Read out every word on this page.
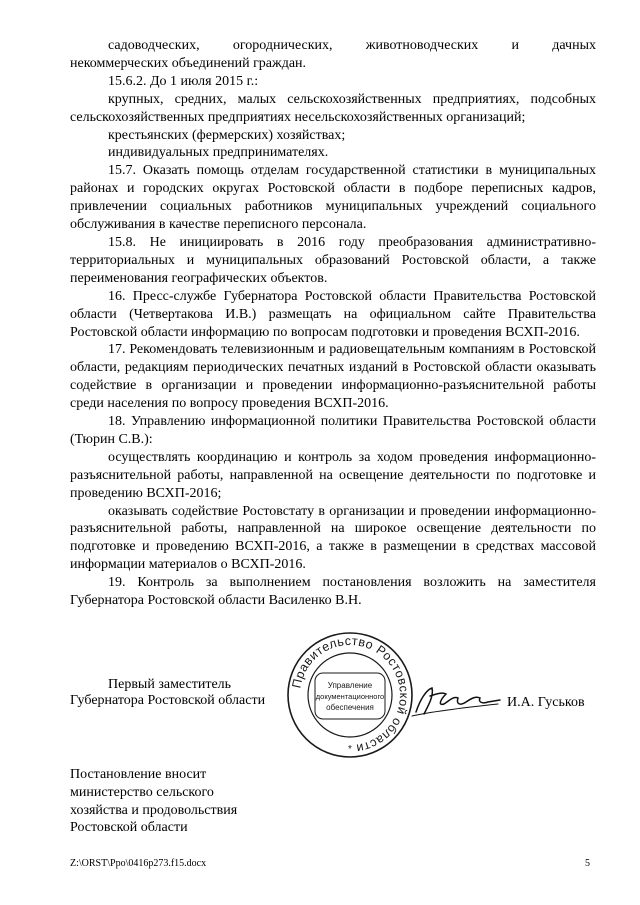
садоводческих, огороднических, животноводческих и дачных

некоммерческих объединений граждан.

15.6.2. До 1 июля 2015 г.:

крупных, средних, малых сельскохозяйственных предприятиях, подсобных сельскохозяйственных предприятиях несельскохозяйственных организаций;

крестьянских (фермерских) хозяйствах;

индивидуальных предпринимателях.

15.7. Оказать помощь отделам государственной статистики в муниципальных районах и городских округах Ростовской области в подборе переписных кадров, привлечении социальных работников муниципальных учреждений социального обслуживания в качестве переписного персонала.

15.8. Не инициировать в 2016 году преобразования административно-территориальных и муниципальных образований Ростовской области, а также переименования географических объектов.

16. Пресс-службе Губернатора Ростовской области Правительства Ростовской области (Четвертакова И.В.) размещать на официальном сайте Правительства Ростовской области информацию по вопросам подготовки и проведения ВСХП-2016.

17. Рекомендовать телевизионным и радиовещательным компаниям в Ростовской области, редакциям периодических печатных изданий в Ростовской области оказывать содействие в организации и проведении информационно-разъяснительной работы среди населения по вопросу проведения ВСХП-2016.

18. Управлению информационной политики Правительства Ростовской области (Тюрин С.В.):

осуществлять координацию и контроль за ходом проведения информационно-разъяснительной работы, направленной на освещение деятельности по подготовке и проведению ВСХП-2016;

оказывать содействие Ростовстату в организации и проведении информационно-разъяснительной работы, направленной на широкое освещение деятельности по подготовке и проведению ВСХП-2016, а также в размещении в средствах массовой информации материалов о ВСХП-2016.

19. Контроль за выполнением постановления возложить на заместителя Губернатора Ростовской области Василенко В.Н.

Первый заместитель
Губернатора Ростовской области
Правительство Ростовской области
Управление
документационного
обеспечения
*
И.А. Гуськов
Постановление вносит
министерство сельского
хозяйства и продовольствия
Ростовской области
Z:\ORST\Ppo\0416p273.f15.docx	5
